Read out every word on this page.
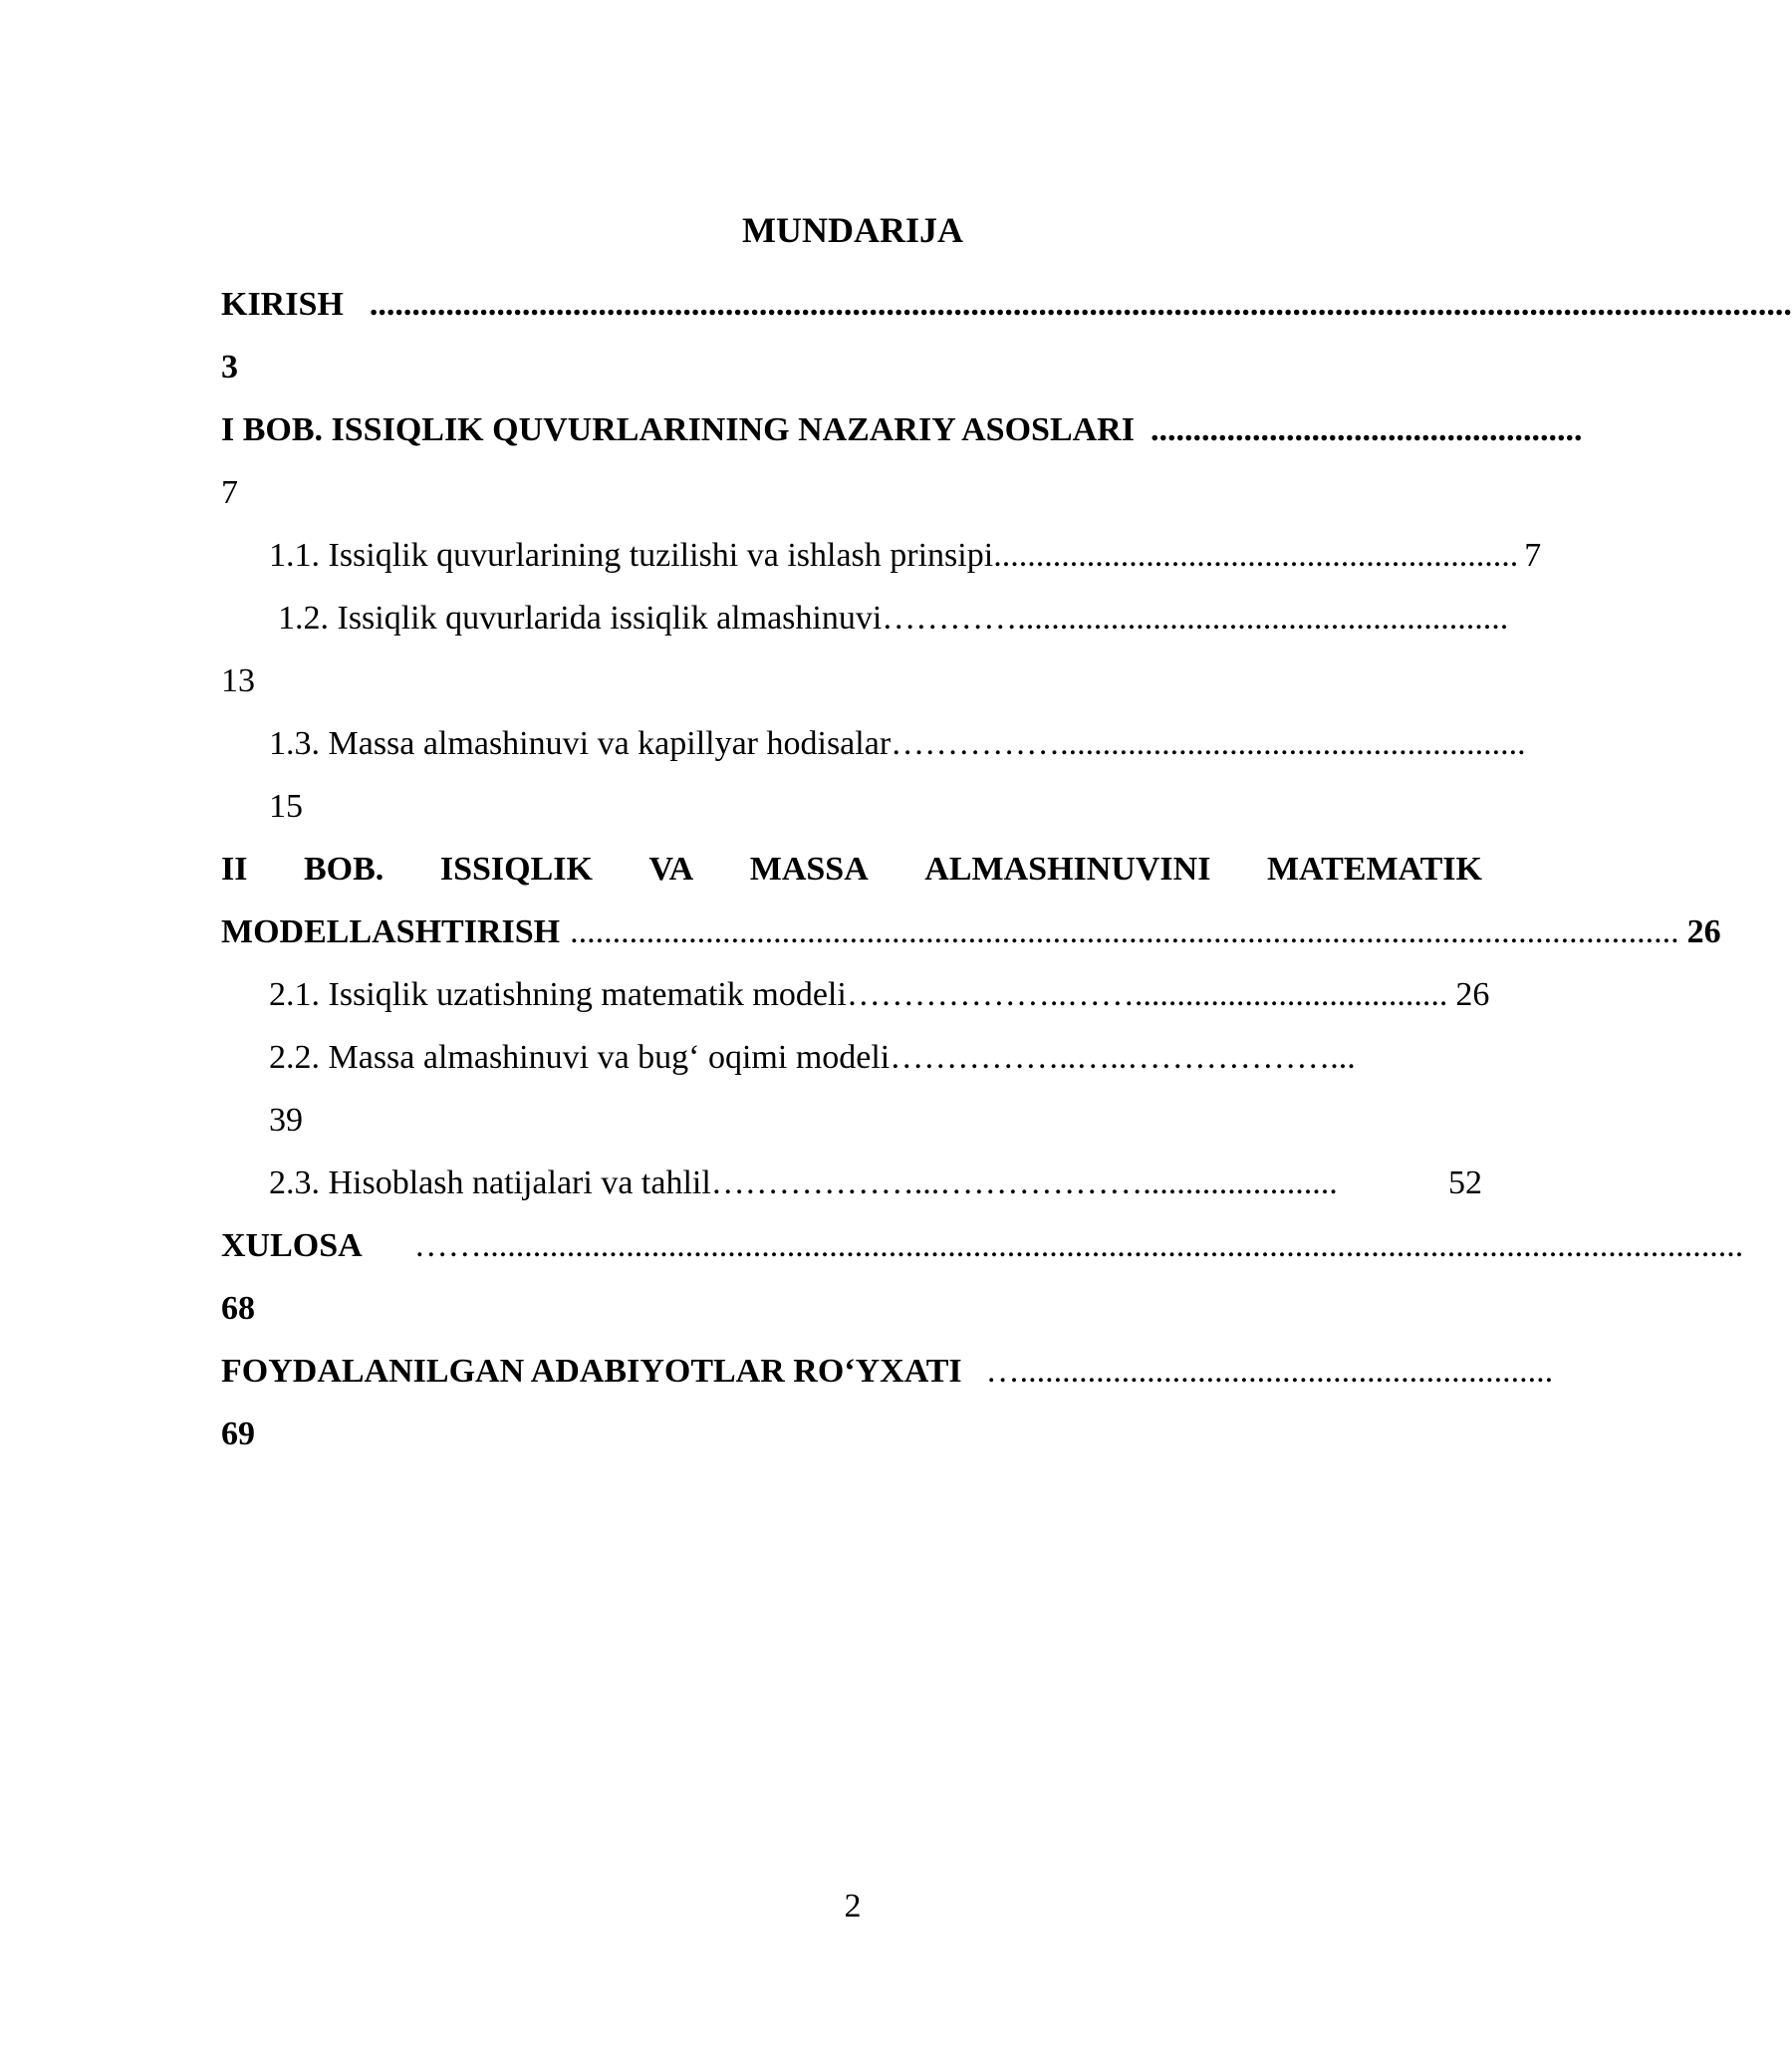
MUNDARIJA
KIRISH ........................................................................................................................................................................
3
I BOB. ISSIQLIK QUVURLARINING NAZARIY ASOSLARI ...................................................
7
1.1. Issiqlik quvurlarining tuzilishi va ishlash prinsipi .............................................................. 7
1.2. Issiqlik quvurlarida issiqlik almashinuvi …………..........................................................
13
1.3. Massa almashinuvi va kapillyar hodisalar …………….......................................................
15
II BOB. ISSIQLIK VA MASSA ALMASHINUVINI MATEMATIK
MODELLASHTIRISH ................................................................................................................................... 26
2.1. Issiqlik uzatishning matematik modeli ………………..……..................................... 26
2.2. Massa almashinuvi va bug‘ oqimi modeli ……………..…..………………...
39
2.3. Hisoblash natijalari va tahlil ………………...……………….......................	52
XULOSA …….....................................................................................................................................................
68
FOYDALANILGAN ADABIYOTLAR RO‘YXATI …...............................................................
69
2
